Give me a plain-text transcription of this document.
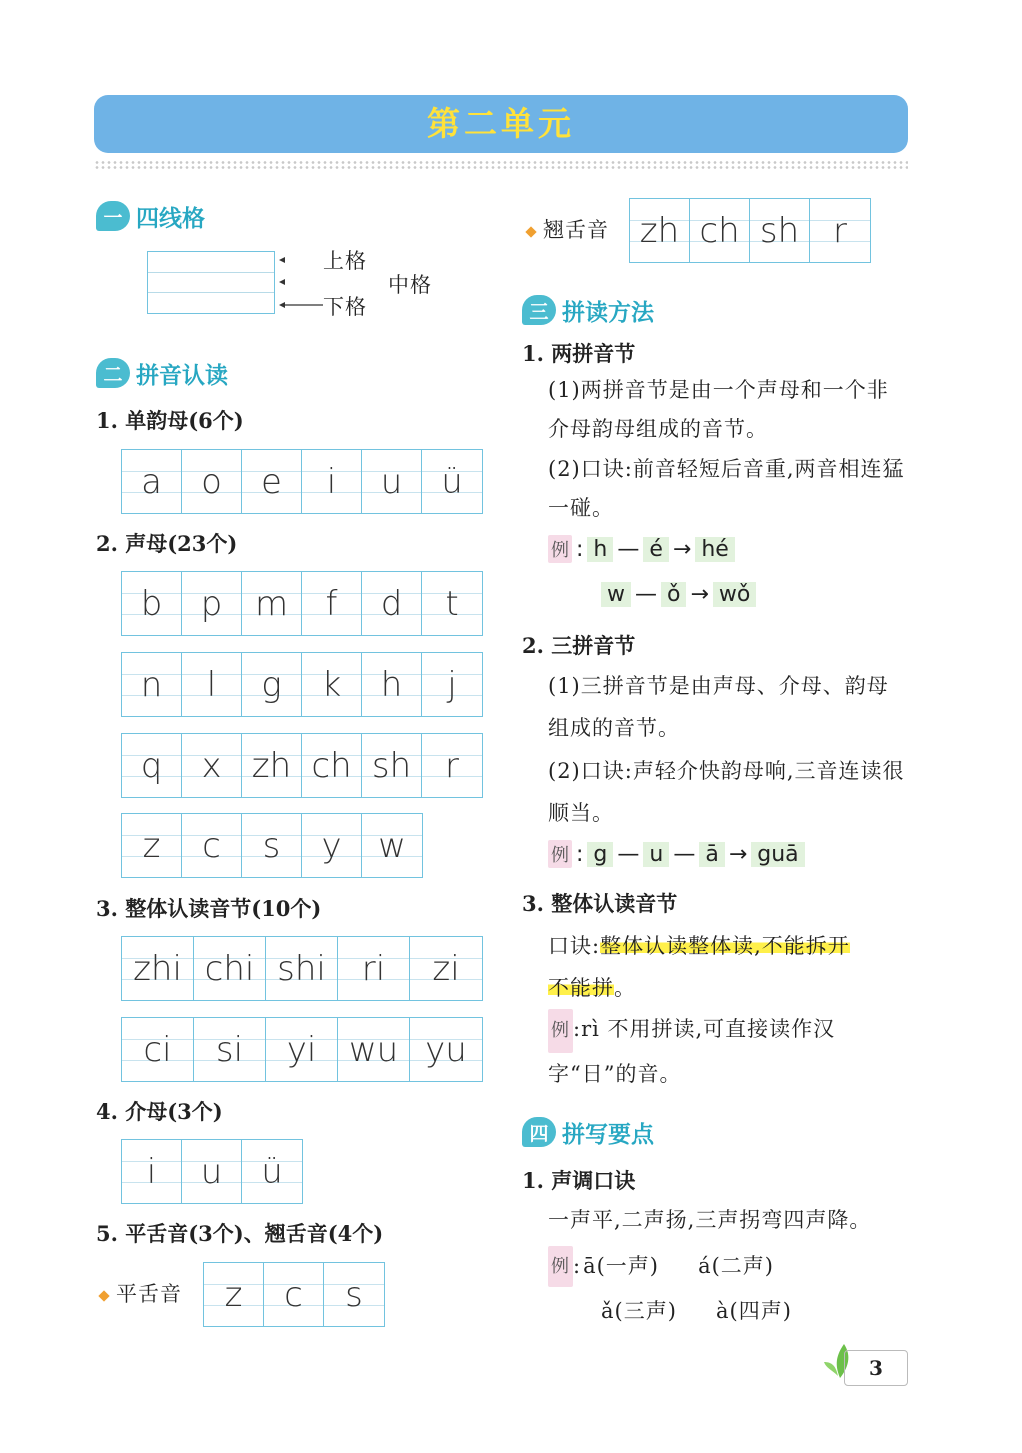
第二单元
一 四线格
上格
中格
下格
二 拼音认读
1. 单韵母(6个)
a	o	e	i	u	ü
2. 声母(23个)
b	p m	f	d	t
n	l	g	k	h	j
q	x zh ch sh r
z	c	s	y	w
3. 整体认读音节(10个)
zhi chi shi	ri	zi
ci	si	yi wu yu
4. 介母(3个)
i	u	ü
5. 平舌音(3个)、翘舌音(4个)
平舌音	z	c	s
翘舌音 zh ch sh r
三 拼读方法
1. 两拼音节
(1)两拼音节是由一个声母和一个非介母韵母组成的音节。
(2)口诀:前音轻短后音重,两音相连猛一碰。
例 : h — é → hé
w — ǒ → wǒ
2. 三拼音节
(1)三拼音节是由声母、介母、韵母组成的音节。
(2)口诀:声轻介快韵母响,三音连读很顺当。
例 : g — u — ā → guā
3. 整体认读音节
口诀:整体认读整体读,不能拆开
不能拼。
例 :rì 不用拼读,可直接读作汉字“日”的音。
四 拼写要点
1. 声调口诀
一声平,二声扬,三声拐弯四声降。
例 : ā(一声)	á(二声)
ǎ(三声)	à(四声)
3
